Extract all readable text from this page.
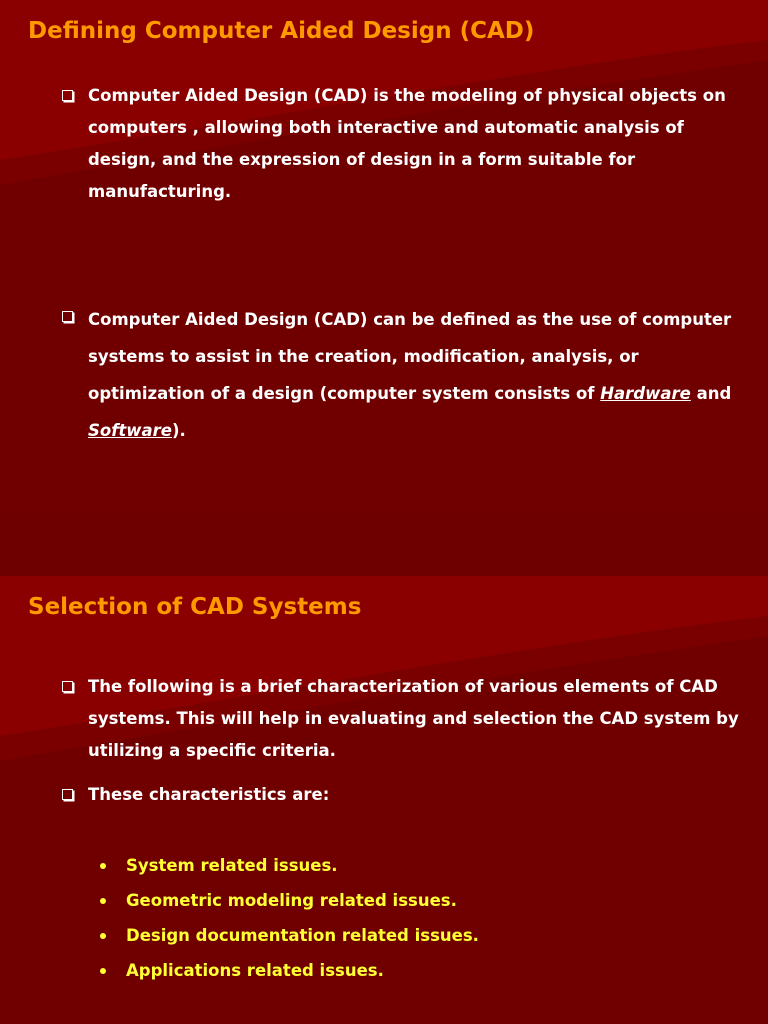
Defining Computer Aided Design (CAD)
Computer Aided Design (CAD) is the modeling of physical objects on computers , allowing both interactive and automatic analysis of design, and the expression of design in a form suitable for manufacturing.
Computer Aided Design (CAD) can be defined as the use of computer systems to assist in the creation, modification, analysis, or optimization of a design (computer system consists of Hardware and Software).
Selection of CAD Systems
The following is a brief characterization of various elements of CAD systems. This will help in evaluating and selection the CAD system by utilizing a specific criteria.
These characteristics are:
System related issues.
Geometric modeling related issues.
Design documentation related issues.
Applications related issues.
